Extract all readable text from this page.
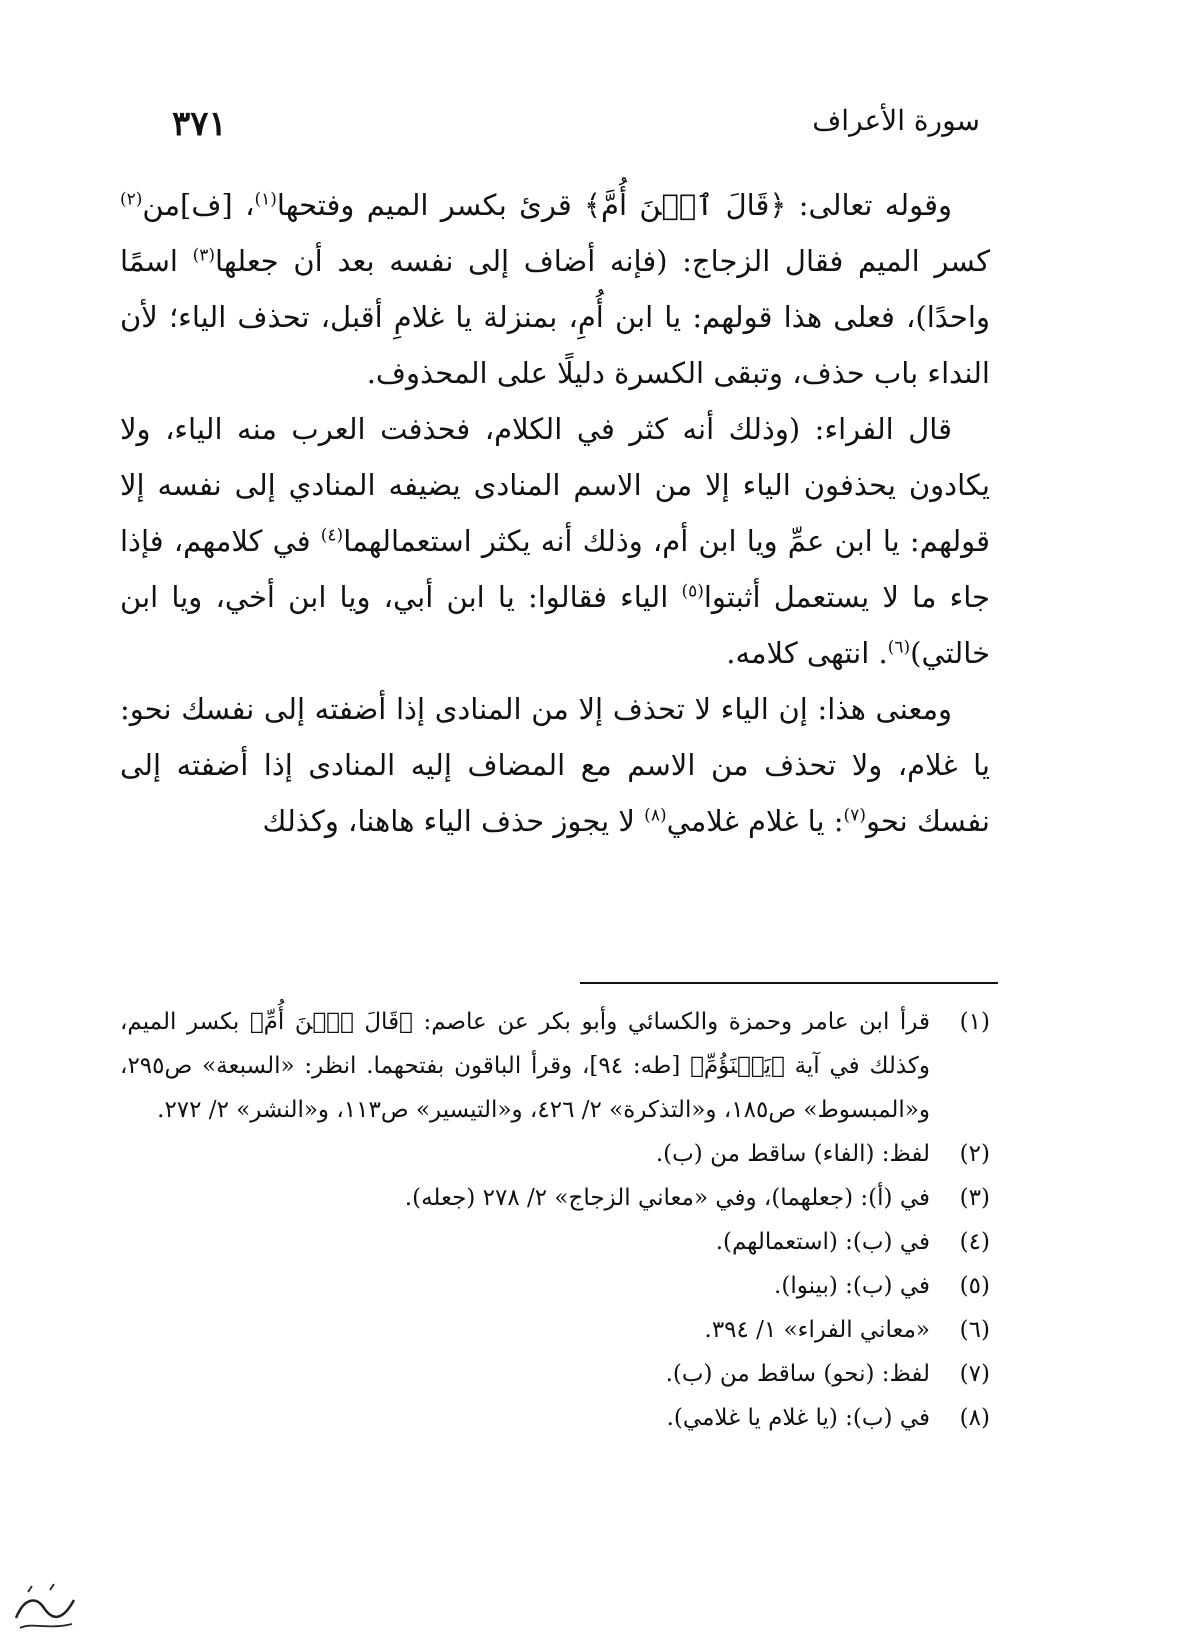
٣٧١	سورة الأعراف

وقوله تعالى: ﴿قَالَ ٱبۡنَ أُمَّ﴾ قرئ بكسر الميم وفتحها$^{(١)}$، [ف]من$^{(٢)}$ كسر الميم فقال الزجاج: (فإنه أضاف إلى نفسه بعد أن جعلها$^{(٣)}$ اسمًا واحدًا)، فعلى هذا قولهم: يا ابن أُمِ، بمنزلة يا غلامِ أقبل، تحذف الياء؛ لأن النداء باب حذف، وتبقى الكسرة دليلًا على المحذوف.

قال الفراء: (وذلك أنه كثر في الكلام، فحذفت العرب منه الياء، ولا يكادون يحذفون الياء إلا من الاسم المنادى يضيفه المنادي إلى نفسه إلا قولهم: يا ابن عمِّ ويا ابن أم، وذلك أنه يكثر استعمالهما$^{(٤)}$ في كلامهم، فإذا جاء ما لا يستعمل أثبتوا$^{(٥)}$ الياء فقالوا: يا ابن أبي، ويا ابن أخي، ويا ابن خالتي)$^{(٦)}$. انتهى كلامه.

ومعنى هذا: إن الياء لا تحذف إلا من المنادى إذا أضفته إلى نفسك نحو: يا غلام، ولا تحذف من الاسم مع المضاف إليه المنادى إذا أضفته إلى نفسك نحو$^{(٧)}$: يا غلام غلامي$^{(٨)}$ لا يجوز حذف الياء هاهنا، وكذلك

(١)
قرأ ابن عامر وحمزة والكسائي وأبو بكر عن عاصم: ﴿قَالَ ٱبۡنَ أُمِّ﴾ بكسر الميم، وكذلك في آية ﴿يَبۡنَؤُمِّ﴾ [طه: ٩٤]، وقرأ الباقون بفتحهما. انظر: «السبعة» ص٢٩٥، و«المبسوط» ص١٨٥، و«التذكرة» ٢/ ٤٢٦، و«التيسير» ص١١٣، و«النشر» ٢/ ٢٧٢.
(٢)
لفظ: (الفاء) ساقط من (ب).
(٣)
في (أ): (جعلهما)، وفي «معاني الزجاج» ٢/ ٢٧٨ (جعله).
(٤)
في (ب): (استعمالهم).
(٥)
في (ب): (بينوا).
(٦)
«معاني الفراء» ١/ ٣٩٤.
(٧)
لفظ: (نحو) ساقط من (ب).
(٨)
في (ب): (يا غلام يا غلامي).
